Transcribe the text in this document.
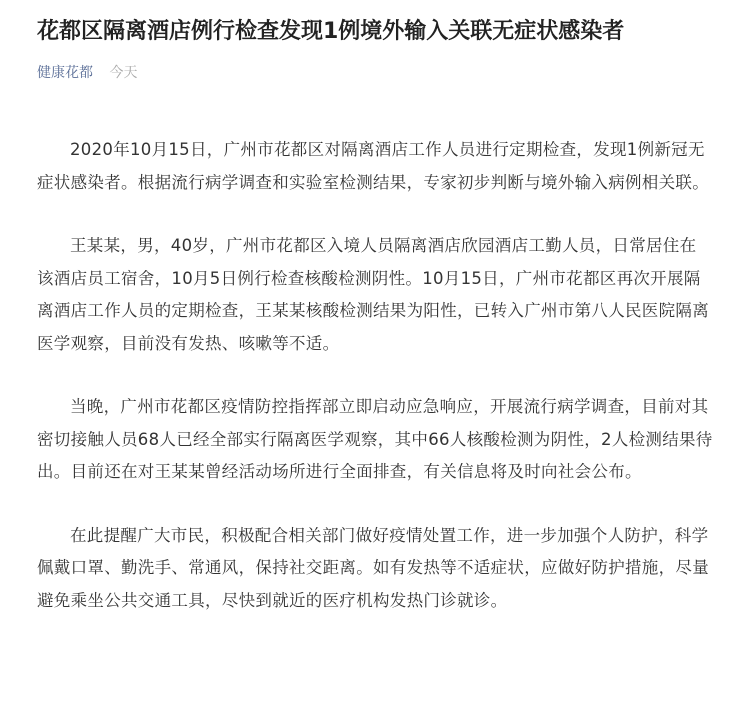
花都区隔离酒店例行检查发现1例境外输入关联无症状感染者
健康花都 今天

2020年10月15日，广州市花都区对隔离酒店工作人员进行定期检查，发现1例新冠无症状感染者。根据流行病学调查和实验室检测结果，专家初步判断与境外输入病例相关联。

王某某，男，40岁，广州市花都区入境人员隔离酒店欣园酒店工勤人员，日常居住在该酒店员工宿舍，10月5日例行检查核酸检测阴性。10月15日，广州市花都区再次开展隔离酒店工作人员的定期检查，王某某核酸检测结果为阳性，已转入广州市第八人民医院隔离医学观察，目前没有发热、咳嗽等不适。

当晚，广州市花都区疫情防控指挥部立即启动应急响应，开展流行病学调查，目前对其密切接触人员68人已经全部实行隔离医学观察，其中66人核酸检测为阴性，2人检测结果待出。目前还在对王某某曾经活动场所进行全面排查，有关信息将及时向社会公布。

在此提醒广大市民，积极配合相关部门做好疫情处置工作，进一步加强个人防护，科学佩戴口罩、勤洗手、常通风，保持社交距离。如有发热等不适症状，应做好防护措施，尽量避免乘坐公共交通工具，尽快到就近的医疗机构发热门诊就诊。
